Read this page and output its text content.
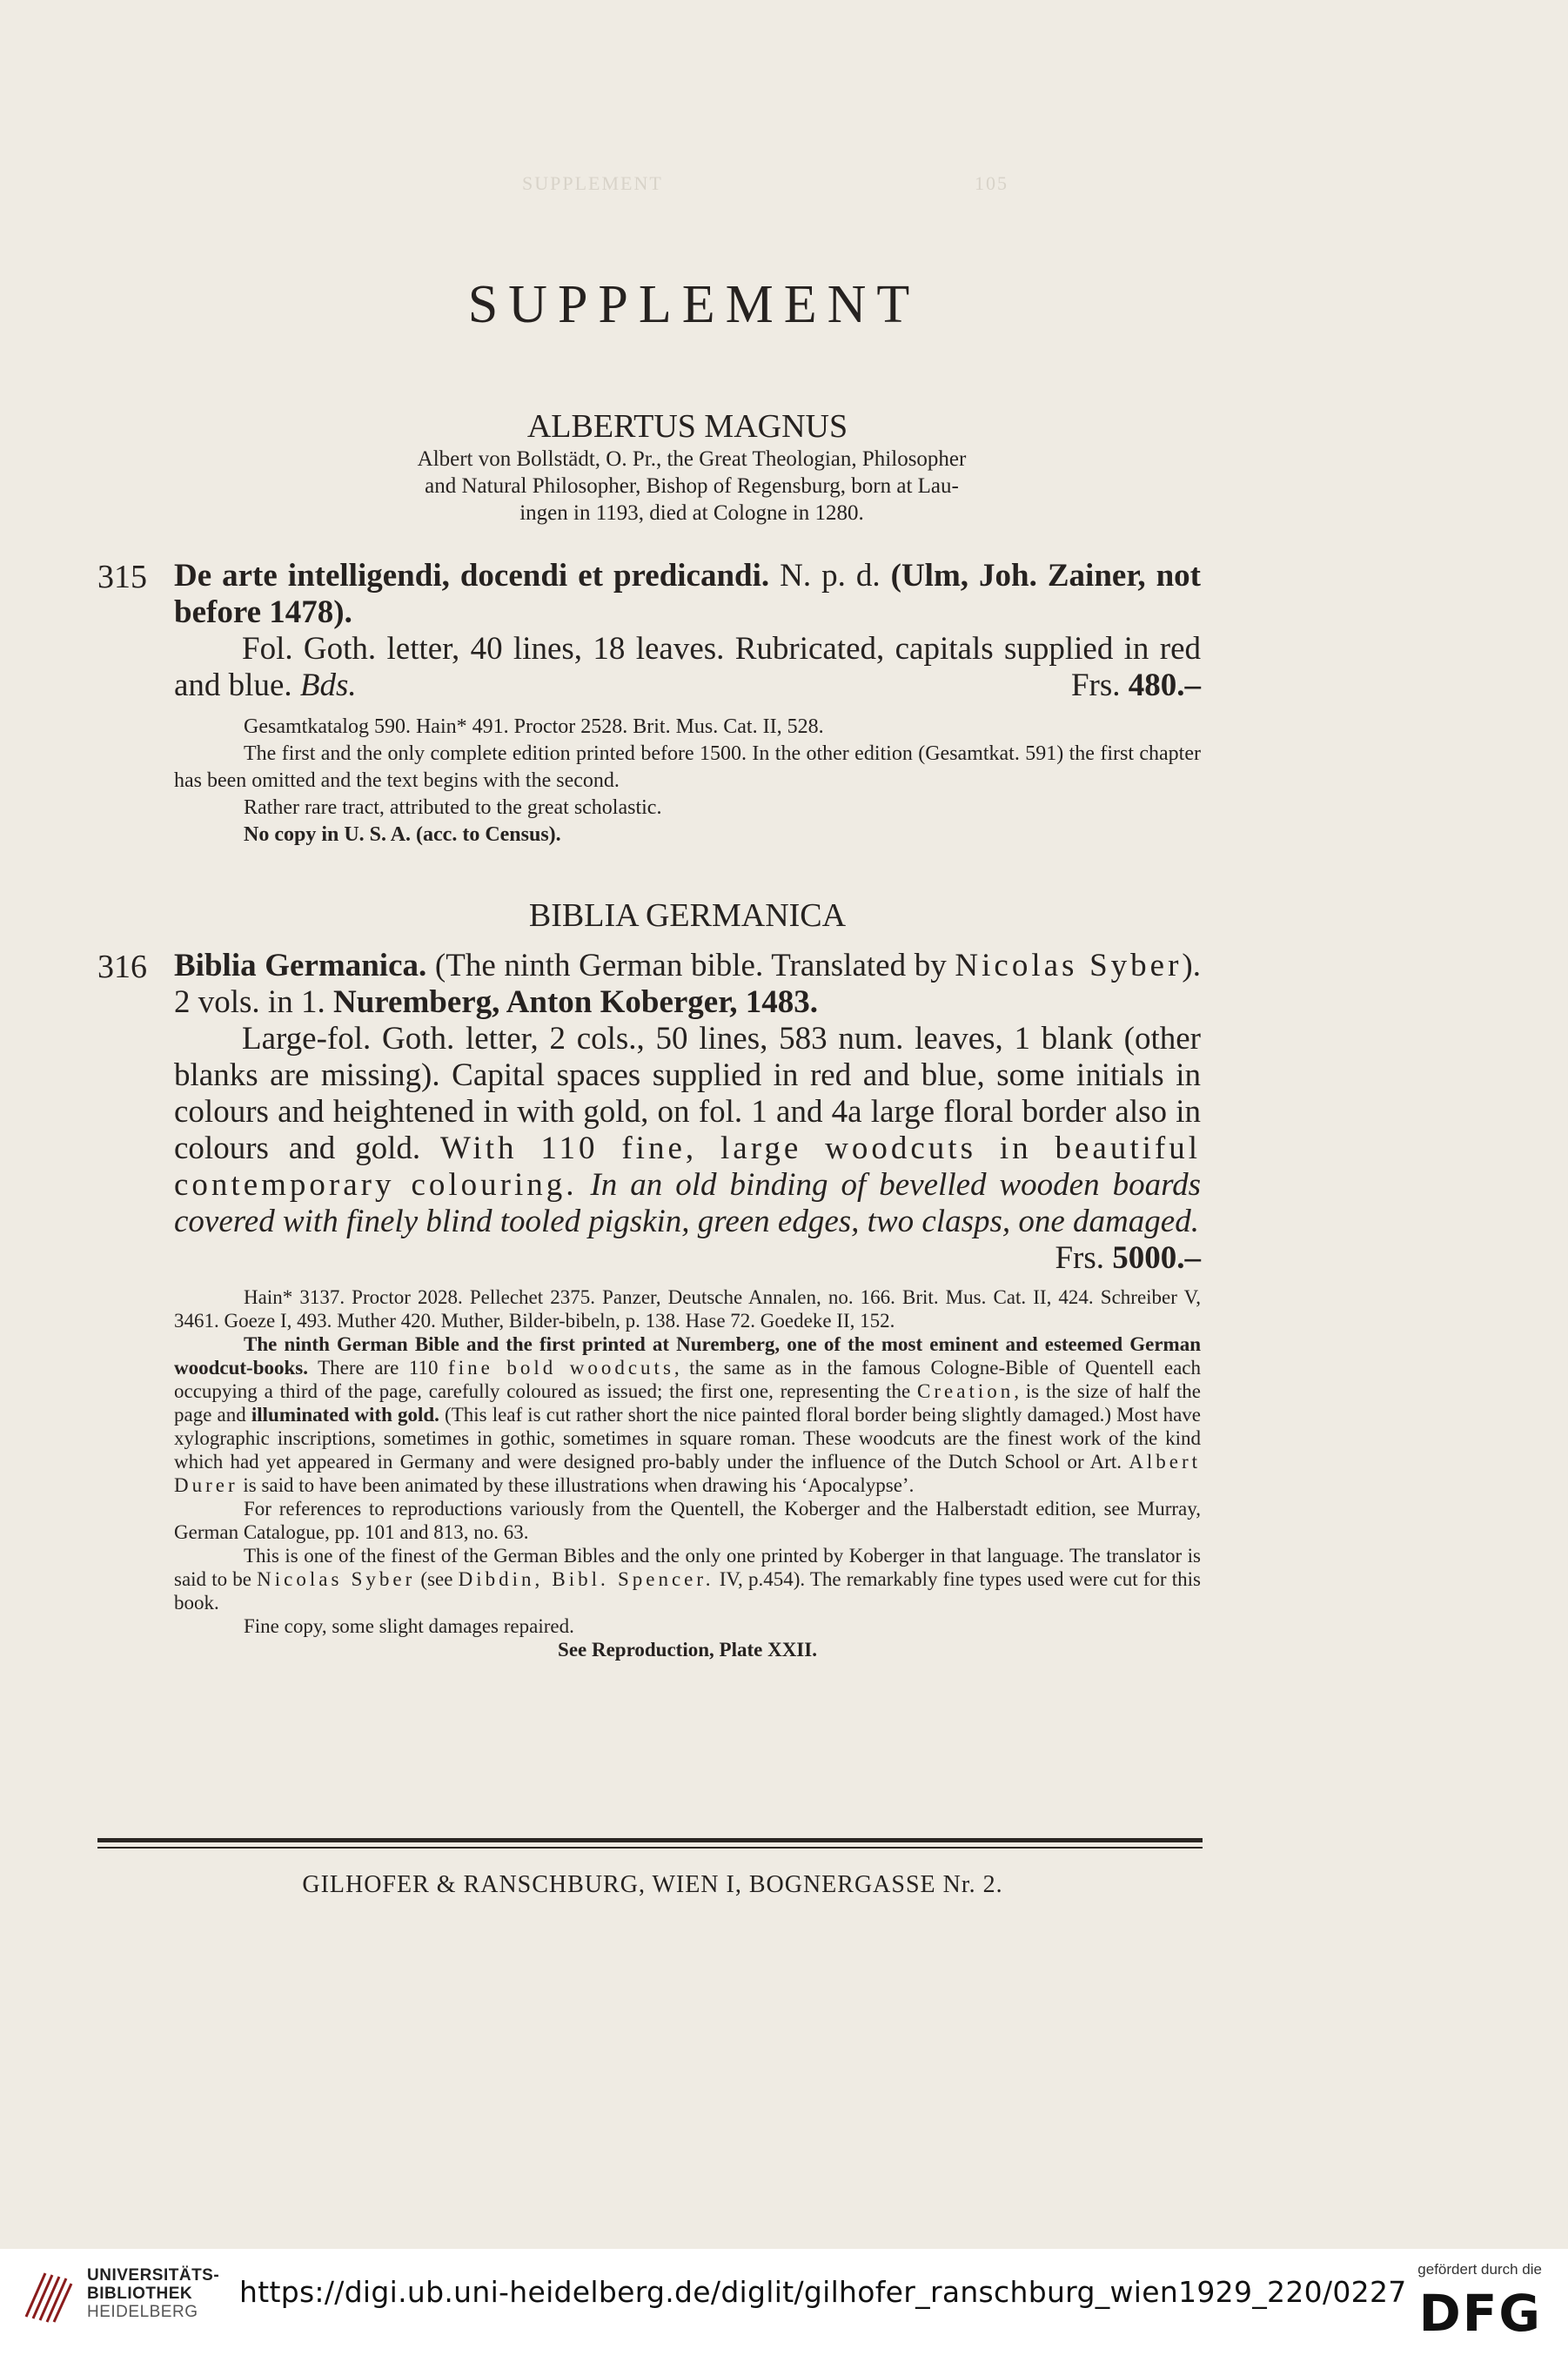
SUPPLEMENT	105
SUPPLEMENT
ALBERTUS MAGNUS
Albert von Bollstädt, O. Pr., the Great Theologian, Philosopher
and Natural Philosopher, Bishop of Regensburg, born at Lau-
ingen in 1193, died at Cologne in 1280.
315 De arte intelligendi, docendi et predicandi. N. p. d. (Ulm, Joh. Zainer, not before 1478).

Fol. Goth. letter, 40 lines, 18 leaves. Rubricated, capitals supplied in red and blue. Bds.	Frs. 480.–

Gesamtkatalog 590. Hain* 491. Proctor 2528. Brit. Mus. Cat. II, 528.

The first and the only complete edition printed before 1500. In the other edition (Gesamtkat. 591) the first chapter has been omitted and the text begins with the second.

Rather rare tract, attributed to the great scholastic.

No copy in U. S. A. (acc. to Census).

BIBLIA GERMANICA
316 Biblia Germanica. (The ninth German bible. Translated by Nicolas Syber). 2 vols. in 1. Nuremberg, Anton Koberger, 1483.

Large-fol. Goth. letter, 2 cols., 50 lines, 583 num. leaves, 1 blank (other blanks are missing). Capital spaces supplied in red and blue, some initials in colours and heightened in with gold, on fol. 1 and 4a large floral border also in colours and gold. With 110 fine, large woodcuts in beautiful contemporary colouring. In an old binding of bevelled wooden boards covered with finely blind tooled pigskin, green edges, two clasps, one damaged.
Frs. 5000.–

Hain* 3137. Proctor 2028. Pellechet 2375. Panzer, Deutsche Annalen, no. 166. Brit. Mus. Cat. II, 424. Schreiber V, 3461. Goeze I, 493. Muther 420. Muther, Bilder-bibeln, p. 138. Hase 72. Goedeke II, 152.

The ninth German Bible and the first printed at Nuremberg, one of the most eminent and esteemed German woodcut-books. There are 110 fine bold woodcuts, the same as in the famous Cologne-Bible of Quentell each occupying a third of the page, carefully coloured as issued; the first one, representing the Creation, is the size of half the page and illuminated with gold. (This leaf is cut rather short the nice painted floral border being slightly damaged.) Most have xylographic inscriptions, sometimes in gothic, sometimes in square roman. These woodcuts are the finest work of the kind which had yet appeared in Germany and were designed pro-bably under the influence of the Dutch School or Art. Albert Durer is said to have been animated by these illustrations when drawing his ‘Apocalypse’.

For references to reproductions variously from the Quentell, the Koberger and the Halberstadt edition, see Murray, German Catalogue, pp. 101 and 813, no. 63.

This is one of the finest of the German Bibles and the only one printed by Koberger in that language. The translator is said to be Nicolas Syber (see Dibdin, Bibl. Spencer. IV, p.454). The remarkably fine types used were cut for this book.

Fine copy, some slight damages repaired.

See Reproduction, Plate XXII.

GILHOFER & RANSCHBURG, WIEN I, BOGNERGASSE Nr. 2.
UNIVERSITÄTS-
BIBLIOTHEK
HEIDELBERG
https://digi.ub.uni-heidelberg.de/diglit/gilhofer_ranschburg_wien1929_220/0227
gefördert durch die
DFG
